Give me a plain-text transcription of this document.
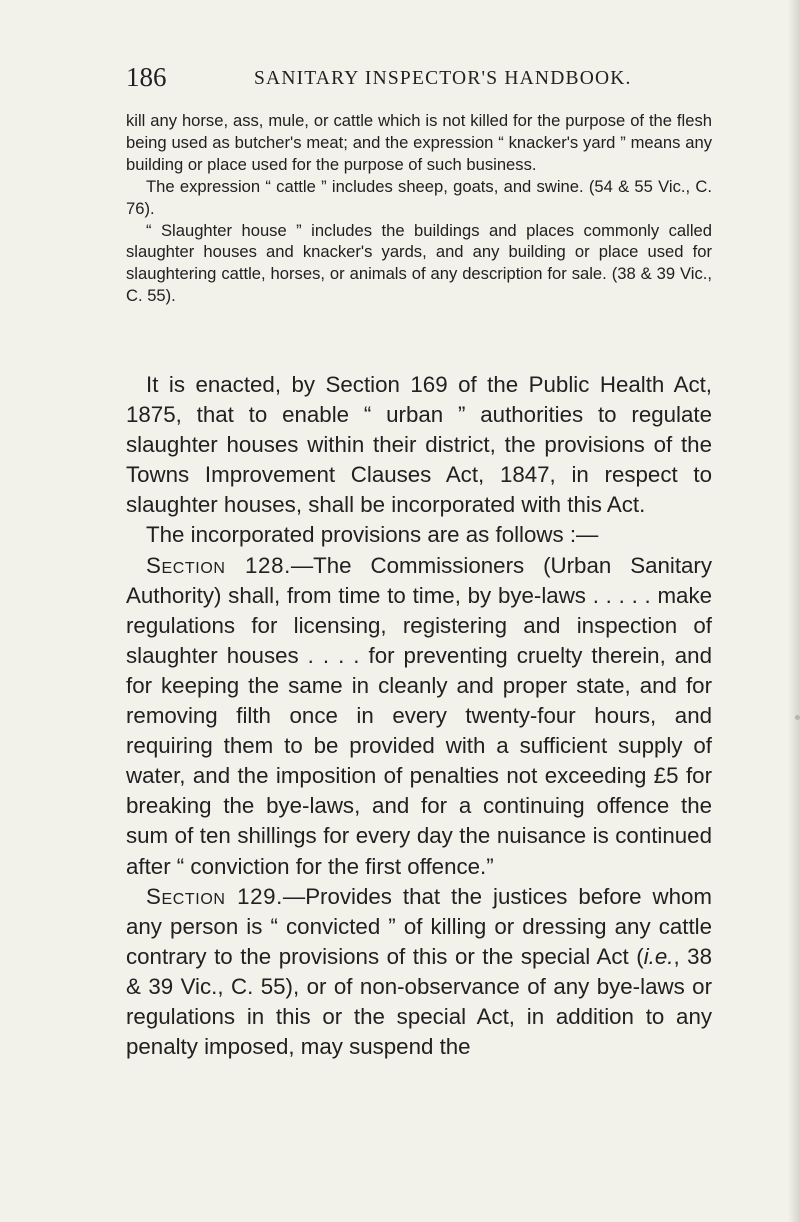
186	SANITARY INSPECTOR'S HANDBOOK.

kill any horse, ass, mule, or cattle which is not killed for the purpose of the flesh being used as butcher's meat; and the expression “ knacker's yard ” means any building or place used for the purpose of such business.

The expression “ cattle ” includes sheep, goats, and swine. (54 & 55 Vic., C. 76).

“ Slaughter house ” includes the buildings and places commonly called slaughter houses and knacker's yards, and any building or place used for slaughtering cattle, horses, or animals of any description for sale. (38 & 39 Vic., C. 55).

It is enacted, by Section 169 of the Public Health Act, 1875, that to enable “ urban ” authorities to regulate slaughter houses within their district, the provisions of the Towns Improvement Clauses Act, 1847, in respect to slaughter houses, shall be incorporated with this Act.

The incorporated provisions are as follows :—

Section 128.—The Commissioners (Urban Sanitary Authority) shall, from time to time, by bye-laws . . . . . make regulations for licensing, registering and inspection of slaughter houses . . . . for preventing cruelty therein, and for keeping the same in cleanly and proper state, and for removing filth once in every twenty-four hours, and requiring them to be provided with a sufficient supply of water, and the imposition of penalties not exceeding £5 for breaking the bye-laws, and for a continuing offence the sum of ten shillings for every day the nuisance is continued after “ conviction for the first offence.”

Section 129.—Provides that the justices before whom any person is “ convicted ” of killing or dressing any cattle contrary to the provisions of this or the special Act (i.e., 38 & 39 Vic., C. 55), or of non-observance of any bye-laws or regulations in this or the special Act, in addition to any penalty imposed, may suspend the
